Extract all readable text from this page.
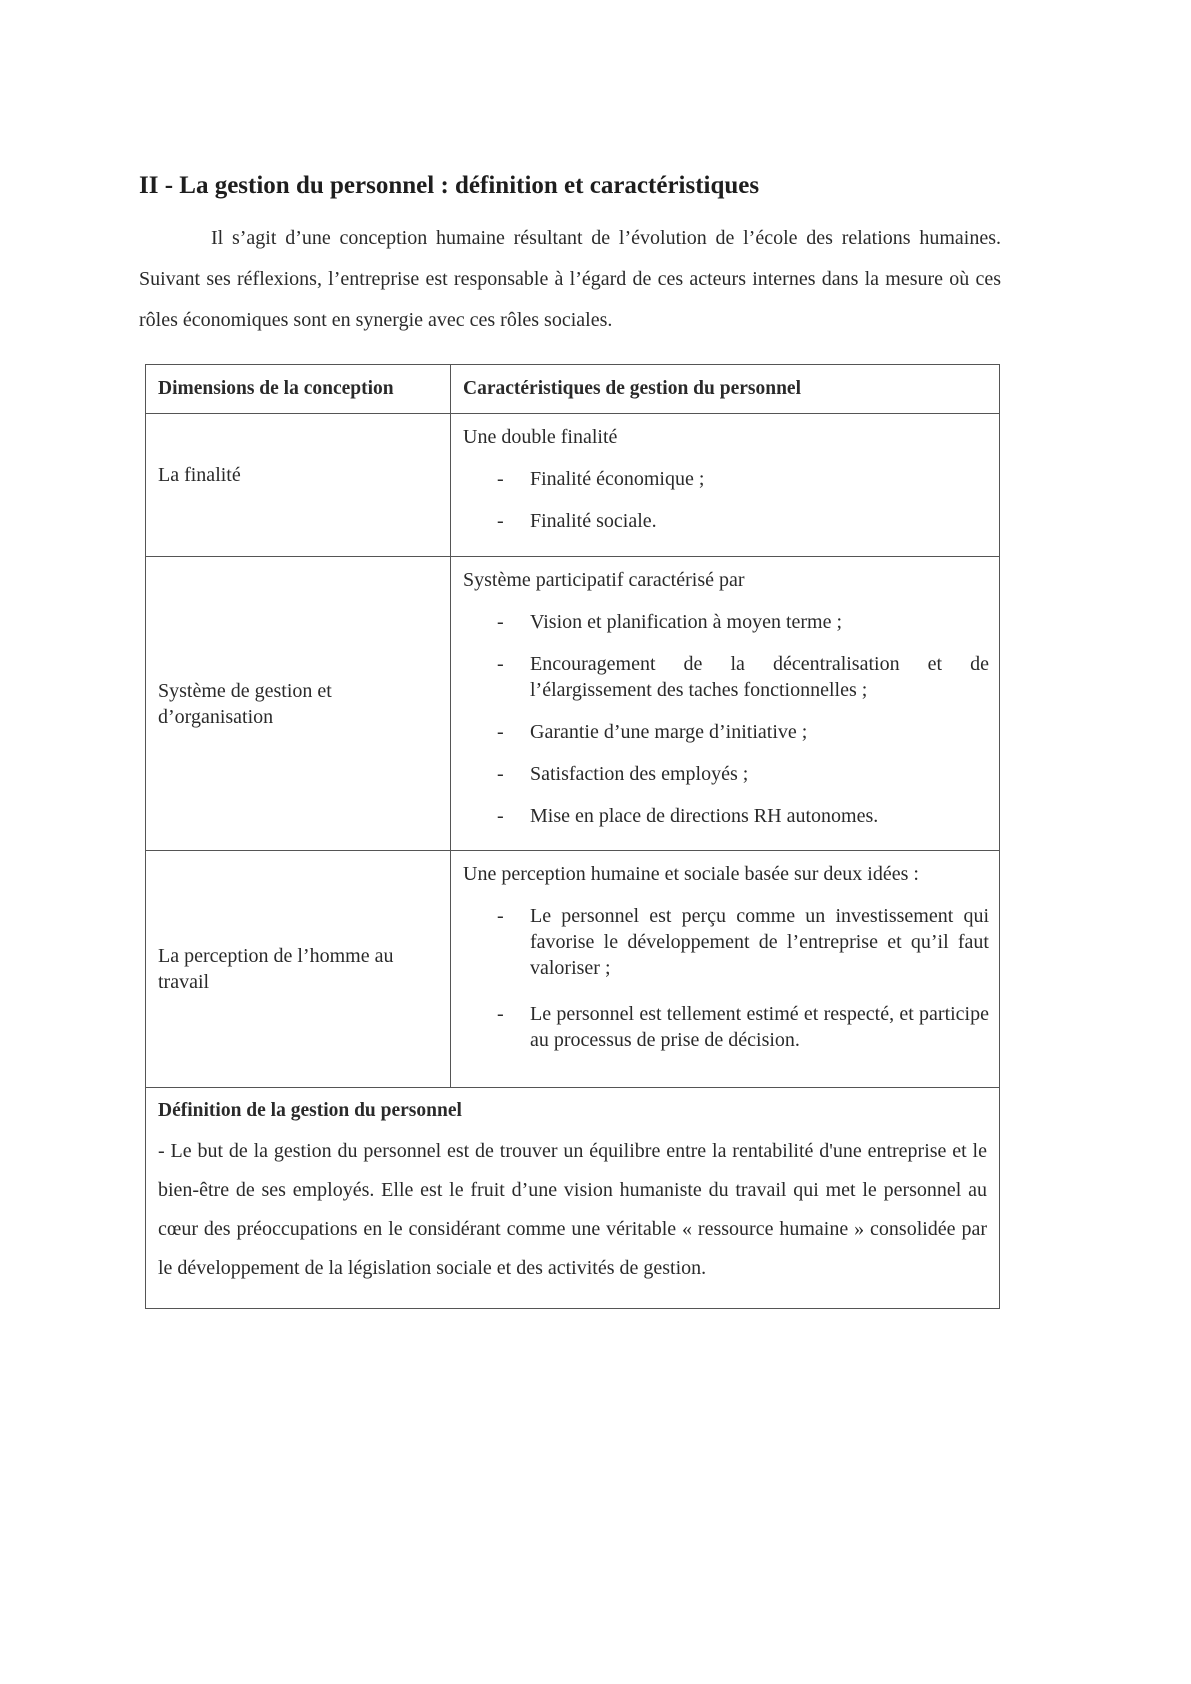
II - La gestion du personnel : définition et caractéristiques
Il s’agit d’une conception humaine résultant de l’évolution de l’école des relations humaines. Suivant ses réflexions, l’entreprise est responsable à l’égard de ces acteurs internes dans la mesure où ces rôles économiques sont en synergie avec ces rôles sociales.
Dimensions de la conception	Caractéristiques de gestion du personnel
La finalité
Une double finalité
- Finalité économique ;
- Finalité sociale.
Système de gestion et d’organisation
Système participatif caractérisé par
- Vision et planification à moyen terme ;
- Encouragement de la décentralisation et de l’élargissement des taches fonctionnelles ;
- Garantie d’une marge d’initiative ;
- Satisfaction des employés ;
- Mise en place de directions RH autonomes.
La perception de l’homme au travail
Une perception humaine et sociale basée sur deux idées :
- Le personnel est perçu comme un investissement qui favorise le développement de l’entreprise et qu’il faut valoriser ;
- Le personnel est tellement estimé et respecté, et participe au processus de prise de décision.
Définition de la gestion du personnel

- Le but de la gestion du personnel est de trouver un équilibre entre la rentabilité d'une entreprise et le bien-être de ses employés. Elle est le fruit d’une vision humaniste du travail qui met le personnel au cœur des préoccupations en le considérant comme une véritable « ressource humaine » consolidée par le développement de la législation sociale et des activités de gestion.
